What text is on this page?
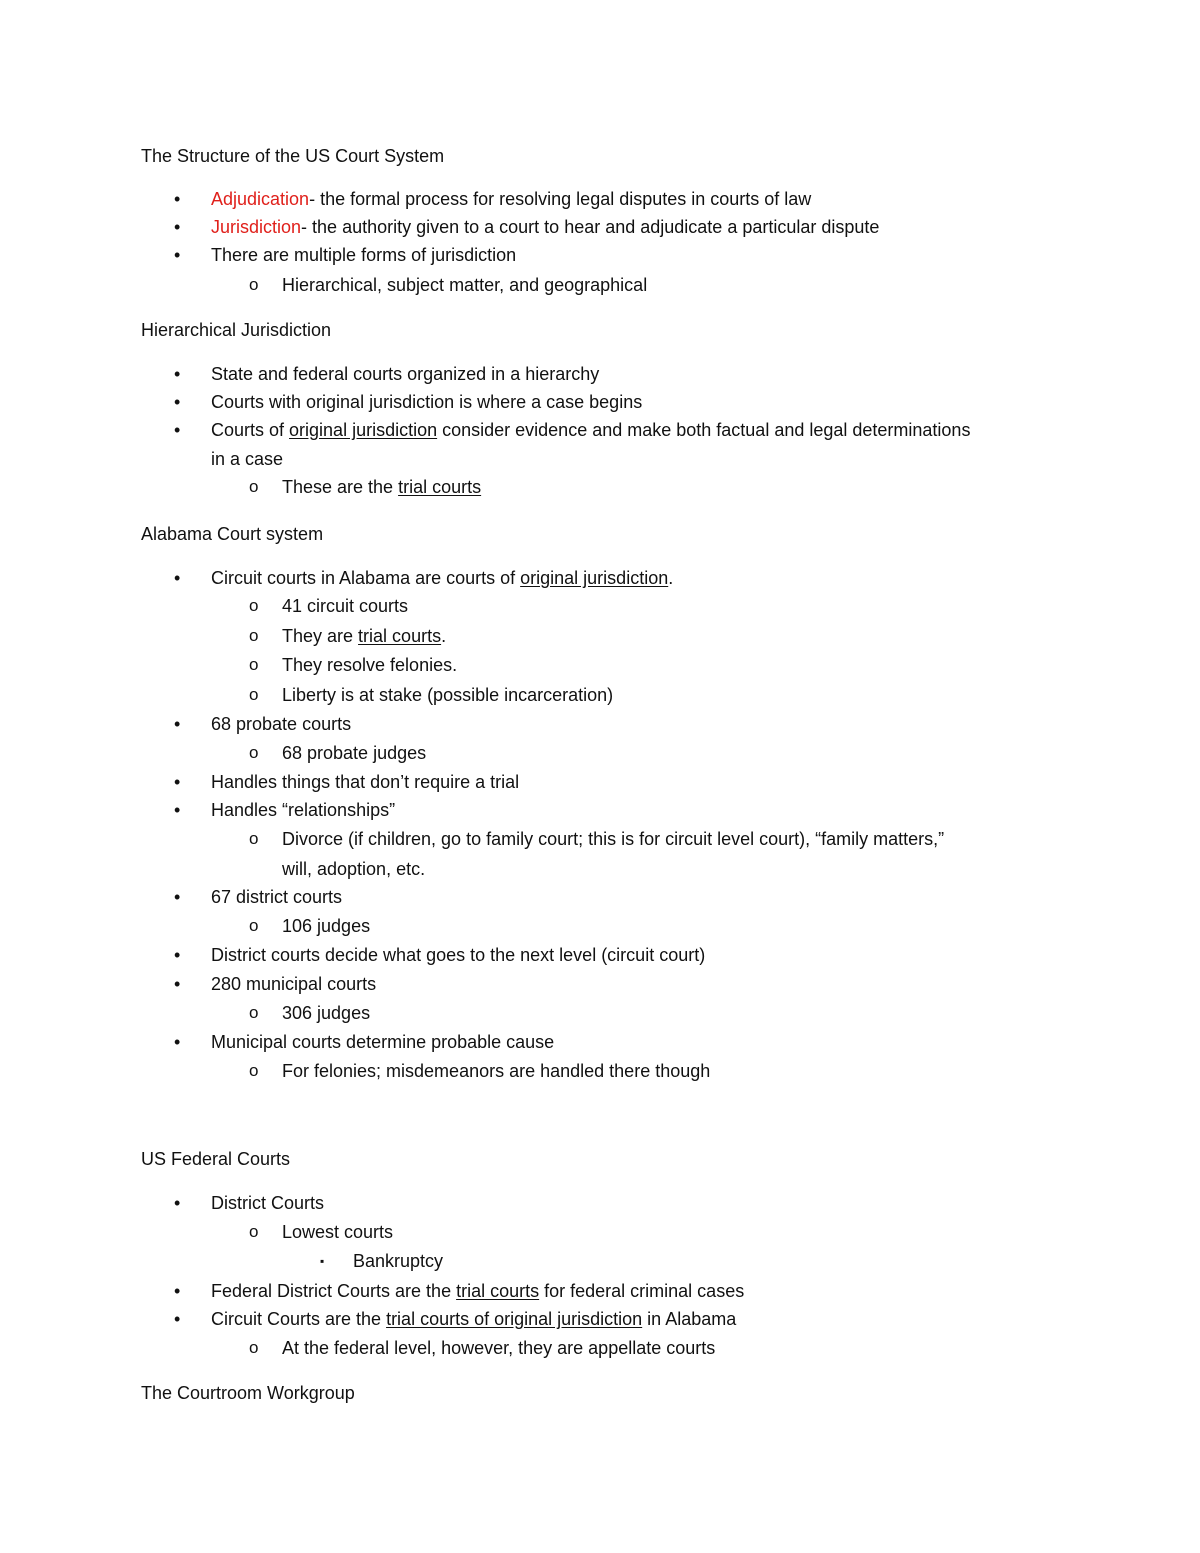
The Structure of the US Court System
• Adjudication- the formal process for resolving legal disputes in courts of law
• Jurisdiction- the authority given to a court to hear and adjudicate a particular dispute
• There are multiple forms of jurisdiction
o Hierarchical, subject matter, and geographical
Hierarchical Jurisdiction
• State and federal courts organized in a hierarchy
• Courts with original jurisdiction is where a case begins
• Courts of original jurisdiction consider evidence and make both factual and legal determinations
in a case
o These are the trial courts
Alabama Court system
• Circuit courts in Alabama are courts of original jurisdiction.
o 41 circuit courts
o They are trial courts.
o They resolve felonies.
o Liberty is at stake (possible incarceration)
• 68 probate courts
o 68 probate judges
• Handles things that don’t require a trial
• Handles “relationships”
o Divorce (if children, go to family court; this is for circuit level court), “family matters,”
will, adoption, etc.
• 67 district courts
o 106 judges
• District courts decide what goes to the next level (circuit court)
• 280 municipal courts
o 306 judges
• Municipal courts determine probable cause
o For felonies; misdemeanors are handled there though
US Federal Courts
• District Courts
o Lowest courts
▪ Bankruptcy
• Federal District Courts are the trial courts for federal criminal cases
• Circuit Courts are the trial courts of original jurisdiction in Alabama
o At the federal level, however, they are appellate courts
The Courtroom Workgroup
